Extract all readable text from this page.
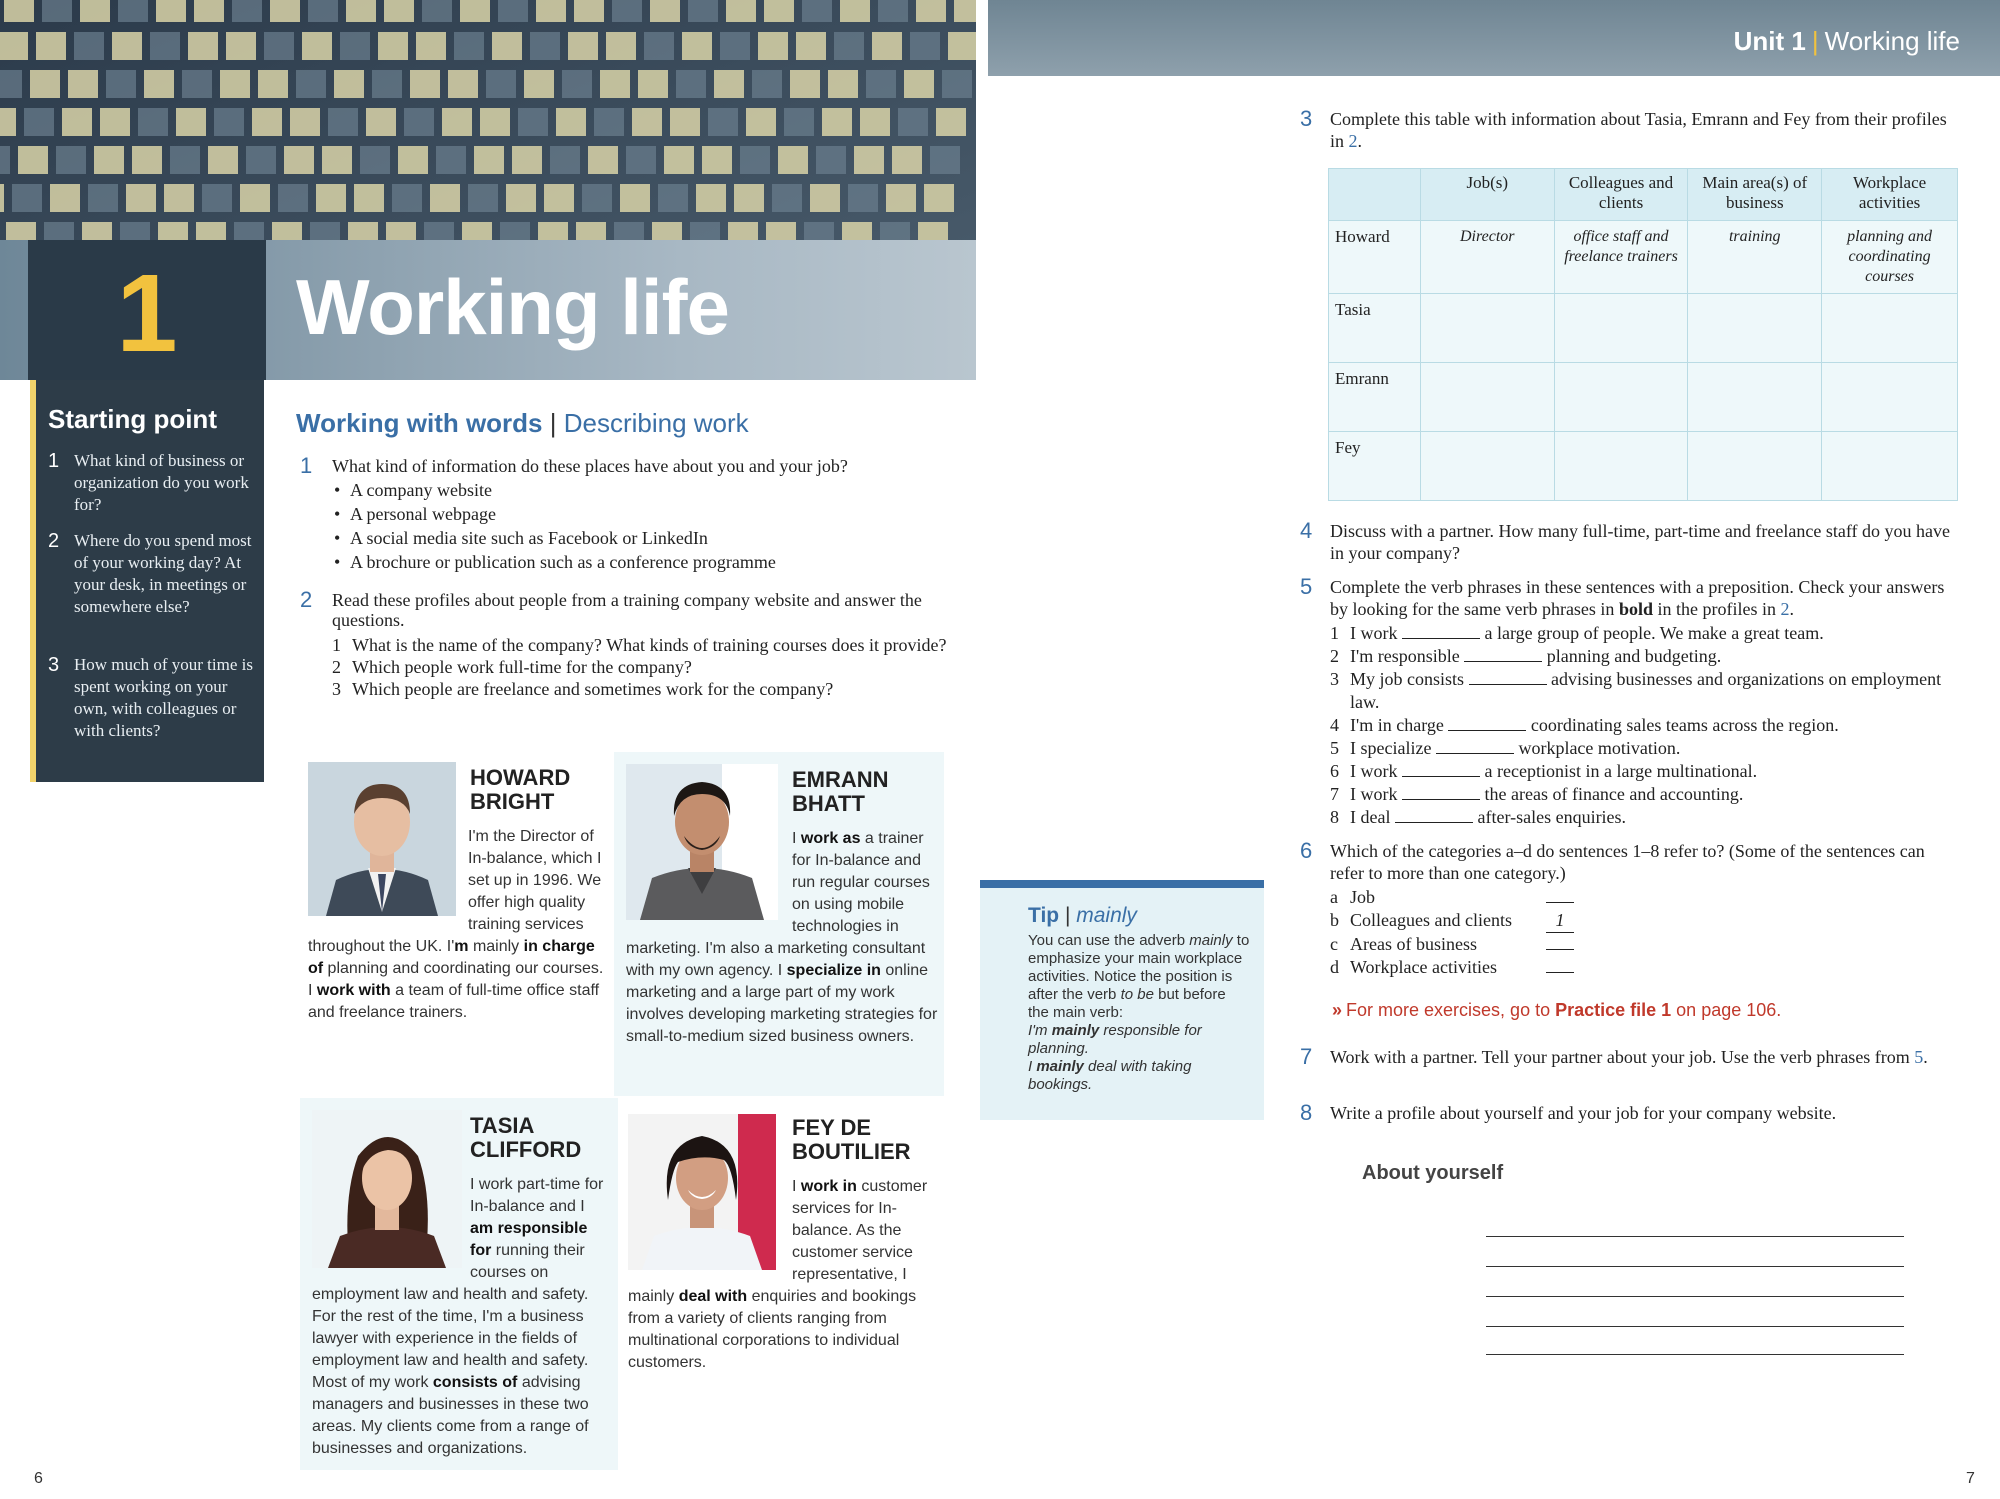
1	Working life
Starting point
1 What kind of business or organization do you work for?
2 Where do you spend most of your working day? At your desk, in meetings or somewhere else?
3 How much of your time is spent working on your own, with colleagues or with clients?
Working with words | Describing work
1 What kind of information do these places have about you and your job?
• A company website
• A personal webpage
• A social media site such as Facebook or LinkedIn
• A brochure or publication such as a conference programme
2 Read these profiles about people from a training company website and answer the questions.
1 What is the name of the company? What kinds of training courses does it provide?
2 Which people work full-time for the company?
3 Which people are freelance and sometimes work for the company?
HOWARD
BRIGHT
I'm the Director of In-balance, which I set up in 1996. We offer high quality training services throughout the UK. I'm mainly in charge of planning and coordinating our courses. I work with a team of full-time office staff and freelance trainers.
EMRANN
BHATT
I work as a trainer for In-balance and run regular courses on using mobile technologies in marketing. I'm also a marketing consultant with my own agency. I specialize in online marketing and a large part of my work involves developing marketing strategies for small-to-medium sized business owners.
TASIA
CLIFFORD
I work part-time for In-balance and I am responsible for running their courses on employment law and health and safety. For the rest of the time, I'm a business lawyer with experience in the fields of employment law and health and safety. Most of my work consists of advising managers and businesses in these two areas. My clients come from a range of businesses and organizations.
FEY DE
BOUTILIER
I work in customer services for In-balance. As the customer service representative, I mainly deal with enquiries and bookings from a variety of clients ranging from multinational corporations to individual customers.
Tip | mainly
You can use the adverb mainly to emphasize your main workplace activities. Notice the position is after the verb to be but before the main verb:
I'm mainly responsible for planning.
I mainly deal with taking bookings.
6
Unit 1 | Working life
3 Complete this table with information about Tasia, Emrann and Fey from their profiles in 2.
	Job(s)	Colleagues and clients	Main area(s) of business	Workplace activities
Howard	Director	office staff and freelance trainers	training	planning and coordinating courses
Tasia				
Emrann				
Fey				
4 Discuss with a partner. How many full-time, part-time and freelance staff do you have in your company?
5 Complete the verb phrases in these sentences with a preposition. Check your answers by looking for the same verb phrases in bold in the profiles in 2.
1 I work	a large group of people. We make a great team.
2 I'm responsible	planning and budgeting.
3 My job consists	advising businesses and organizations on employment law.
4 I'm in charge	coordinating sales teams across the region.
5 I specialize	workplace motivation.
6 I work	a receptionist in a large multinational.
7 I work	the areas of finance and accounting.
8 I deal	after-sales enquiries.
6 Which of the categories a–d do sentences 1–8 refer to? (Some of the sentences can refer to more than one category.)
a Job
b Colleagues and clients 1
c Areas of business
d Workplace activities
» For more exercises, go to Practice file 1 on page 106.
7 Work with a partner. Tell your partner about your job. Use the verb phrases from 5.
8 Write a profile about yourself and your job for your company website.
About yourself
7
